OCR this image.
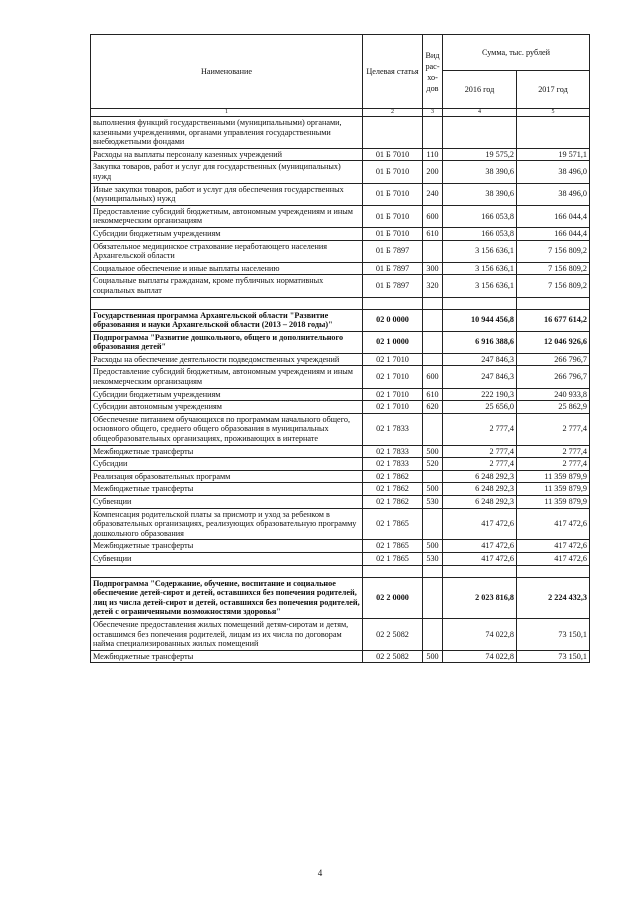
Наименование	Целевая статья	Вид
рас-
хо-
дов	Сумма, тыс. рублей	
			2016 год	2017 год
1	2	3	4	5
выполнения функций государственными (муниципальными) органами, казенными учреждениями, органами управления государственными внебюджетными фондами				
Расходы на выплаты персоналу казенных учреждений	01 Б 7010	110	19 575,2	19 571,1
Закупка товаров, работ и услуг для государственных (муниципальных) нужд	01 Б 7010	200	38 390,6	38 496,0
Иные закупки товаров, работ и услуг для обеспечения государственных (муниципальных) нужд	01 Б 7010	240	38 390,6	38 496,0
Предоставление субсидий бюджетным, автономным учреждениям и иным некоммерческим организациям	01 Б 7010	600	166 053,8	166 044,4
Субсидии бюджетным учреждениям	01 Б 7010	610	166 053,8	166 044,4
Обязательное медицинское страхование неработающего населения Архангельской области	01 Б 7897		3 156 636,1	7 156 809,2
Социальное обеспечение и иные выплаты населению	01 Б 7897	300	3 156 636,1	7 156 809,2
Социальные выплаты гражданам, кроме публичных нормативных социальных выплат	01 Б 7897	320	3 156 636,1	7 156 809,2

Государственная программа Архангельской области "Развитие образования и науки Архангельской области (2013 – 2018 годы)"	02 0 0000		10 944 456,8	16 677 614,2
Подпрограмма "Развитие дошкольного, общего и дополнительного образования детей"	02 1 0000		6 916 388,6	12 046 926,6
Расходы на обеспечение деятельности подведомственных учреждений	02 1 7010		247 846,3	266 796,7
Предоставление субсидий бюджетным, автономным учреждениям и иным некоммерческим организациям	02 1 7010	600	247 846,3	266 796,7
Субсидии бюджетным учреждениям	02 1 7010	610	222 190,3	240 933,8
Субсидии автономным учреждениям	02 1 7010	620	25 656,0	25 862,9
Обеспечение питанием обучающихся по программам начального общего, основного общего, среднего общего образования в муниципальных общеобразовательных организациях, проживающих в интернате	02 1 7833		2 777,4	2 777,4
Межбюджетные трансферты	02 1 7833	500	2 777,4	2 777,4
Субсидии	02 1 7833	520	2 777,4	2 777,4
Реализация образовательных программ	02 1 7862		6 248 292,3	11 359 879,9
Межбюджетные трансферты	02 1 7862	500	6 248 292,3	11 359 879,9
Субвенции	02 1 7862	530	6 248 292,3	11 359 879,9
Компенсация родительской платы за присмотр и уход за ребенком в образовательных организациях, реализующих образовательную программу дошкольного образования	02 1 7865		417 472,6	417 472,6
Межбюджетные трансферты	02 1 7865	500	417 472,6	417 472,6
Субвенции	02 1 7865	530	417 472,6	417 472,6

Подпрограмма "Содержание, обучение, воспитание и социальное обеспечение детей-сирот и детей, оставшихся без попечения родителей, лиц из числа детей-сирот и детей, оставшихся без попечения родителей, детей с ограниченными возможностями здоровья"	02 2 0000		2 023 816,8	2 224 432,3
Обеспечение предоставления жилых помещений детям-сиротам и детям, оставшимся без попечения родителей, лицам из их числа по договорам найма специализированных жилых помещений	02 2 5082		74 022,8	73 150,1
Межбюджетные трансферты	02 2 5082	500	74 022,8	73 150,1
4
